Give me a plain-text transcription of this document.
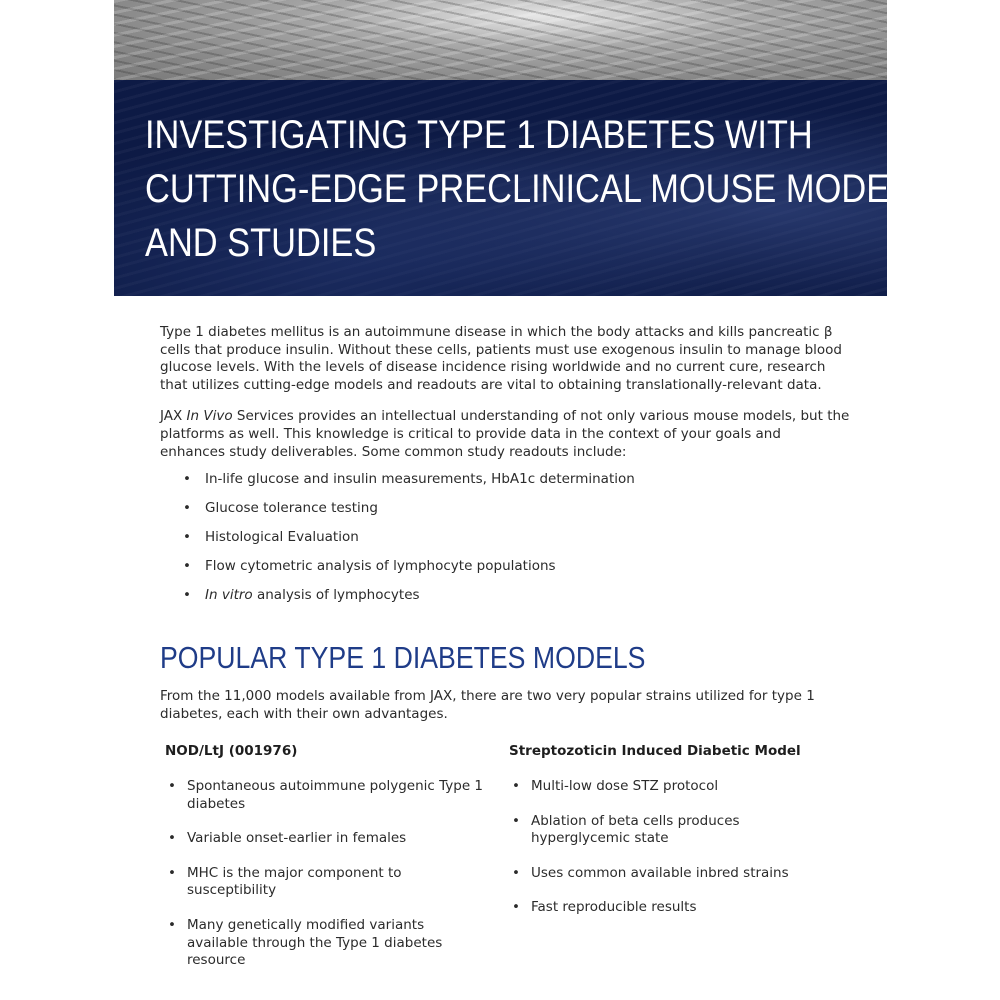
INVESTIGATING TYPE 1 DIABETES WITH
CUTTING-EDGE PRECLINICAL MOUSE MODELS
AND STUDIES

Type 1 diabetes mellitus is an autoimmune disease in which the body attacks and kills pancreatic β cells that produce insulin. Without these cells, patients must use exogenous insulin to manage blood glucose levels. With the levels of disease incidence rising worldwide and no current cure, research that utilizes cutting-edge models and readouts are vital to obtaining translationally-relevant data.

JAX In Vivo Services provides an intellectual understanding of not only various mouse models, but the platforms as well. This knowledge is critical to provide data in the context of your goals and enhances study deliverables. Some common study readouts include:

• In-life glucose and insulin measurements, HbA1c determination
• Glucose tolerance testing
• Histological Evaluation
• Flow cytometric analysis of lymphocyte populations
• In vitro analysis of lymphocytes
POPULAR TYPE 1 DIABETES MODELS

From the 11,000 models available from JAX, there are two very popular strains utilized for type 1 diabetes, each with their own advantages.

NOD/LtJ (001976)

• Spontaneous autoimmune polygenic Type 1 diabetes
• Variable onset-earlier in females
• MHC is the major component to susceptibility
• Many genetically modified variants available through the Type 1 diabetes resource

Streptozoticin Induced Diabetic Model

• Multi-low dose STZ protocol
• Ablation of beta cells produces hyperglycemic state
• Uses common available inbred strains
• Fast reproducible results
